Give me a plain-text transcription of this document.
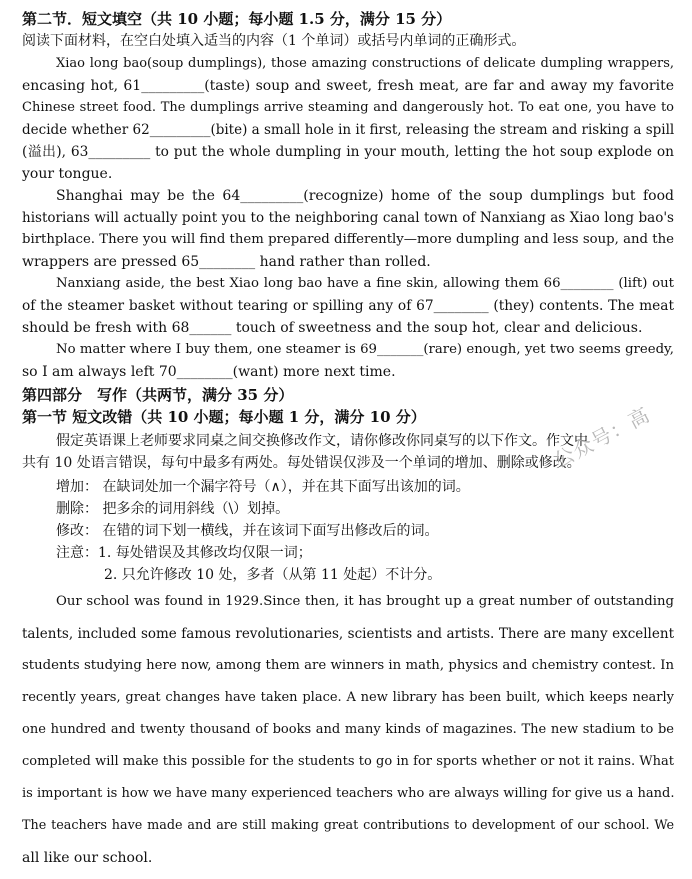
第二节．短文填空（共 10 小题；每小题 1.5 分，满分 15 分）
阅读下面材料，在空白处填入适当的内容（1 个单词）或括号内单词的正确形式。
Xiao long bao(soup dumplings), those amazing constructions of delicate dumpling wrappers,
encasing hot, 61_________(taste) soup and sweet, fresh meat, are far and away my favorite
Chinese street food. The dumplings arrive steaming and dangerously hot. To eat one, you have to
decide whether 62_________(bite) a small hole in it first, releasing the stream and risking a spill
(溢出), 63_________ to put the whole dumpling in your mouth, letting the hot soup explode on
your tongue.
Shanghai may be the 64_________(recognize) home of the soup dumplings but food
historians will actually point you to the neighboring canal town of Nanxiang as Xiao long bao's
birthplace. There you will find them prepared differently—more dumpling and less soup, and the
wrappers are pressed 65________ hand rather than rolled.
Nanxiang aside, the best Xiao long bao have a fine skin, allowing them 66________ (lift) out
of the steamer basket without tearing or spilling any of 67________ (they) contents. The meat
should be fresh with 68______ touch of sweetness and the soup hot, clear and delicious.
No matter where I buy them, one steamer is 69_______(rare) enough, yet two seems greedy,
so I am always left 70________(want) more next time.
第四部分　写作（共两节，满分 35 分）
第一节 短文改错（共 10 小题；每小题 1 分，满分 10 分）
假定英语课上老师要求同桌之间交换修改作文，请你修改你同桌写的以下作文。作文中
共有 10 处语言错误，每句中最多有两处。每处错误仅涉及一个单词的增加、删除或修改。
增加： 在缺词处加一个漏字符号（∧），并在其下面写出该加的词。
删除： 把多余的词用斜线（\）划掉。
修改： 在错的词下划一横线，并在该词下面写出修改后的词。
注意：1. 每处错误及其修改均仅限一词；
2. 只允许修改 10 处，多者（从第 11 处起）不计分。
Our school was found in 1929.Since then, it has brought up a great number of outstanding
talents, included some famous revolutionaries, scientists and artists. There are many excellent
students studying here now, among them are winners in math, physics and chemistry contest. In
recently years, great changes have taken place. A new library has been built, which keeps nearly
one hundred and twenty thousand of books and many kinds of magazines. The new stadium to be
completed will make this possible for the students to go in for sports whether or not it rains. What
is important is how we have many experienced teachers who are always willing for give us a hand.
The teachers have made and are still making great contributions to development of our school. We
all like our school.
公众号：高
